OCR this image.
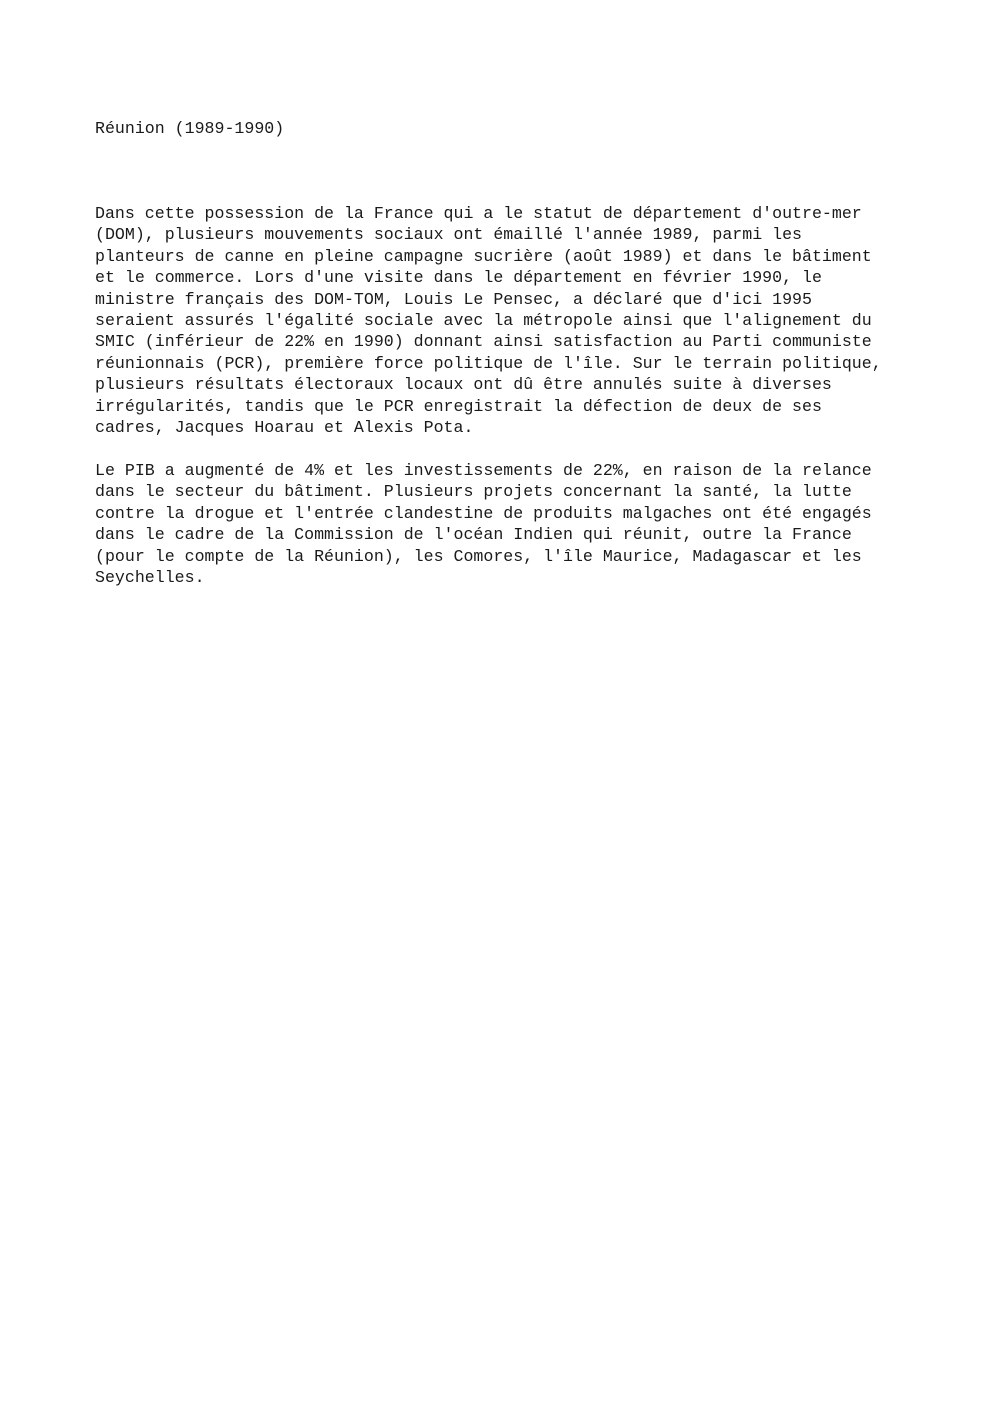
Réunion (1989-1990)

Dans cette possession de la France qui a le statut de département d'outre-mer
(DOM), plusieurs mouvements sociaux ont émaillé l'année 1989, parmi les
planteurs de canne en pleine campagne sucrière (août 1989) et dans le bâtiment
et le commerce. Lors d'une visite dans le département en février 1990, le
ministre français des DOM-TOM, Louis Le Pensec, a déclaré que d'ici 1995
seraient assurés l'égalité sociale avec la métropole ainsi que l'alignement du
SMIC (inférieur de 22% en 1990) donnant ainsi satisfaction au Parti communiste
réunionnais (PCR), première force politique de l'île. Sur le terrain politique,
plusieurs résultats électoraux locaux ont dû être annulés suite à diverses
irrégularités, tandis que le PCR enregistrait la défection de deux de ses
cadres, Jacques Hoarau et Alexis Pota.

Le PIB a augmenté de 4% et les investissements de 22%, en raison de la relance
dans le secteur du bâtiment. Plusieurs projets concernant la santé, la lutte
contre la drogue et l'entrée clandestine de produits malgaches ont été engagés
dans le cadre de la Commission de l'océan Indien qui réunit, outre la France
(pour le compte de la Réunion), les Comores, l'île Maurice, Madagascar et les
Seychelles.
